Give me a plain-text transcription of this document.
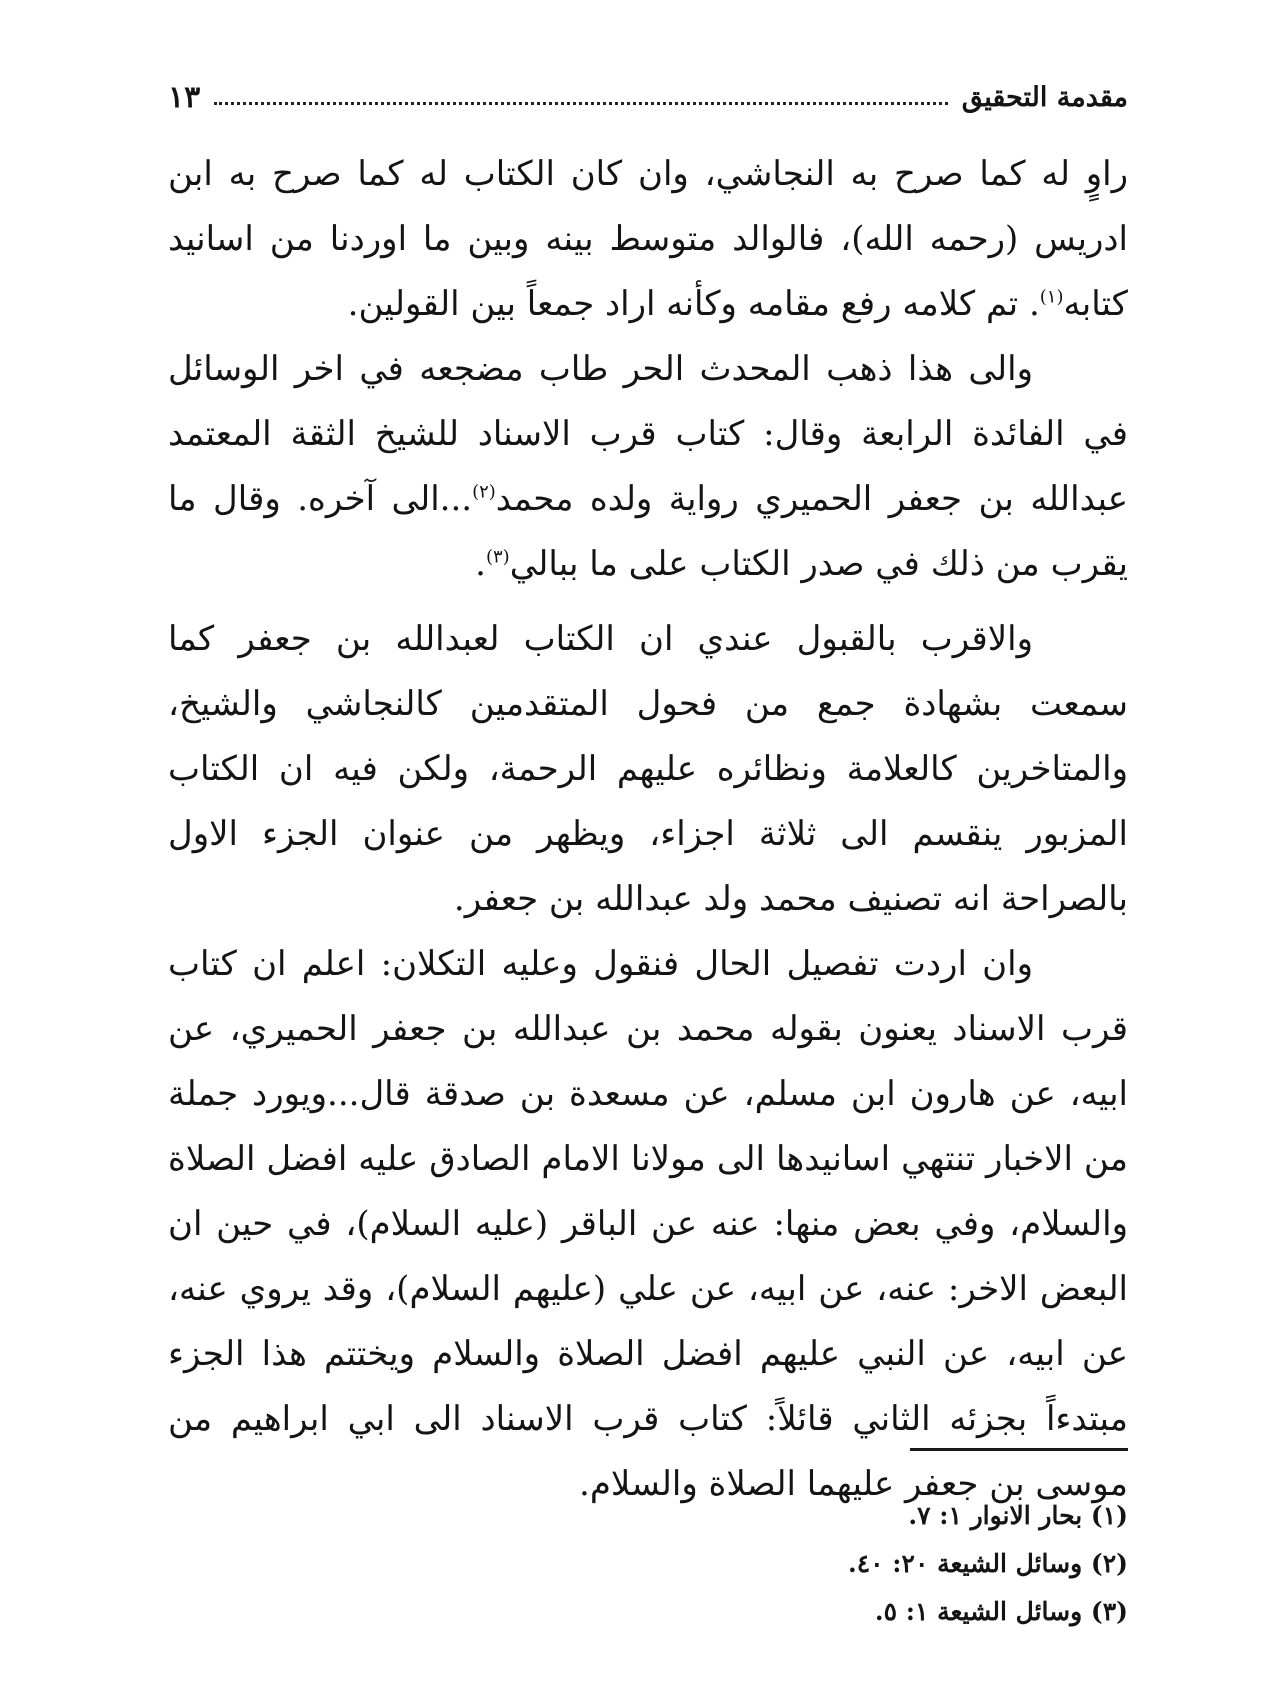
مقدمة التحقيق
١٣

راوٍ له كما صرح به النجاشي، وان كان الكتاب له كما صرح به ابن ادريس (رحمه الله)، فالوالد متوسط بينه وبين ما اوردنا من اسانيد كتابه$^{(١)}$. تم كلامه رفع مقامه وكأنه اراد جمعاً بين القولين.

والى هذا ذهب المحدث الحر طاب مضجعه في اخر الوسائل في الفائدة الرابعة وقال: كتاب قرب الاسناد للشيخ الثقة المعتمد عبدالله بن جعفر الحميري رواية ولده محمد$^{(٢)}$...الى آخره. وقال ما يقرب من ذلك في صدر الكتاب على ما ببالي$^{(٣)}$.

والاقرب بالقبول عندي ان الكتاب لعبدالله بن جعفر كما سمعت بشهادة جمع من فحول المتقدمين كالنجاشي والشيخ، والمتاخرين كالعلامة ونظائره عليهم الرحمة، ولكن فيه ان الكتاب المزبور ينقسم الى ثلاثة اجزاء، ويظهر من عنوان الجزء الاول بالصراحة انه تصنيف محمد ولد عبدالله بن جعفر.

وان اردت تفصيل الحال فنقول وعليه التكلان: اعلم ان كتاب قرب الاسناد يعنون بقوله محمد بن عبدالله بن جعفر الحميري، عن ابيه، عن هارون ابن مسلم، عن مسعدة بن صدقة قال...ويورد جملة من الاخبار تنتهي اسانيدها الى مولانا الامام الصادق عليه افضل الصلاة والسلام، وفي بعض منها: عنه عن الباقر (عليه السلام)، في حين ان البعض الاخر: عنه، عن ابيه، عن علي (عليهم السلام)، وقد يروي عنه، عن ابيه، عن النبي عليهم افضل الصلاة والسلام ويختتم هذا الجزء مبتدءاً بجزئه الثاني قائلاً: كتاب قرب الاسناد الى ابي ابراهيم من موسى بن جعفر عليهما الصلاة والسلام.

(١) بحار الانوار ١: ٧.

(٢) وسائل الشيعة ٢٠: ٤٠.

(٣) وسائل الشيعة ١: ٥.
